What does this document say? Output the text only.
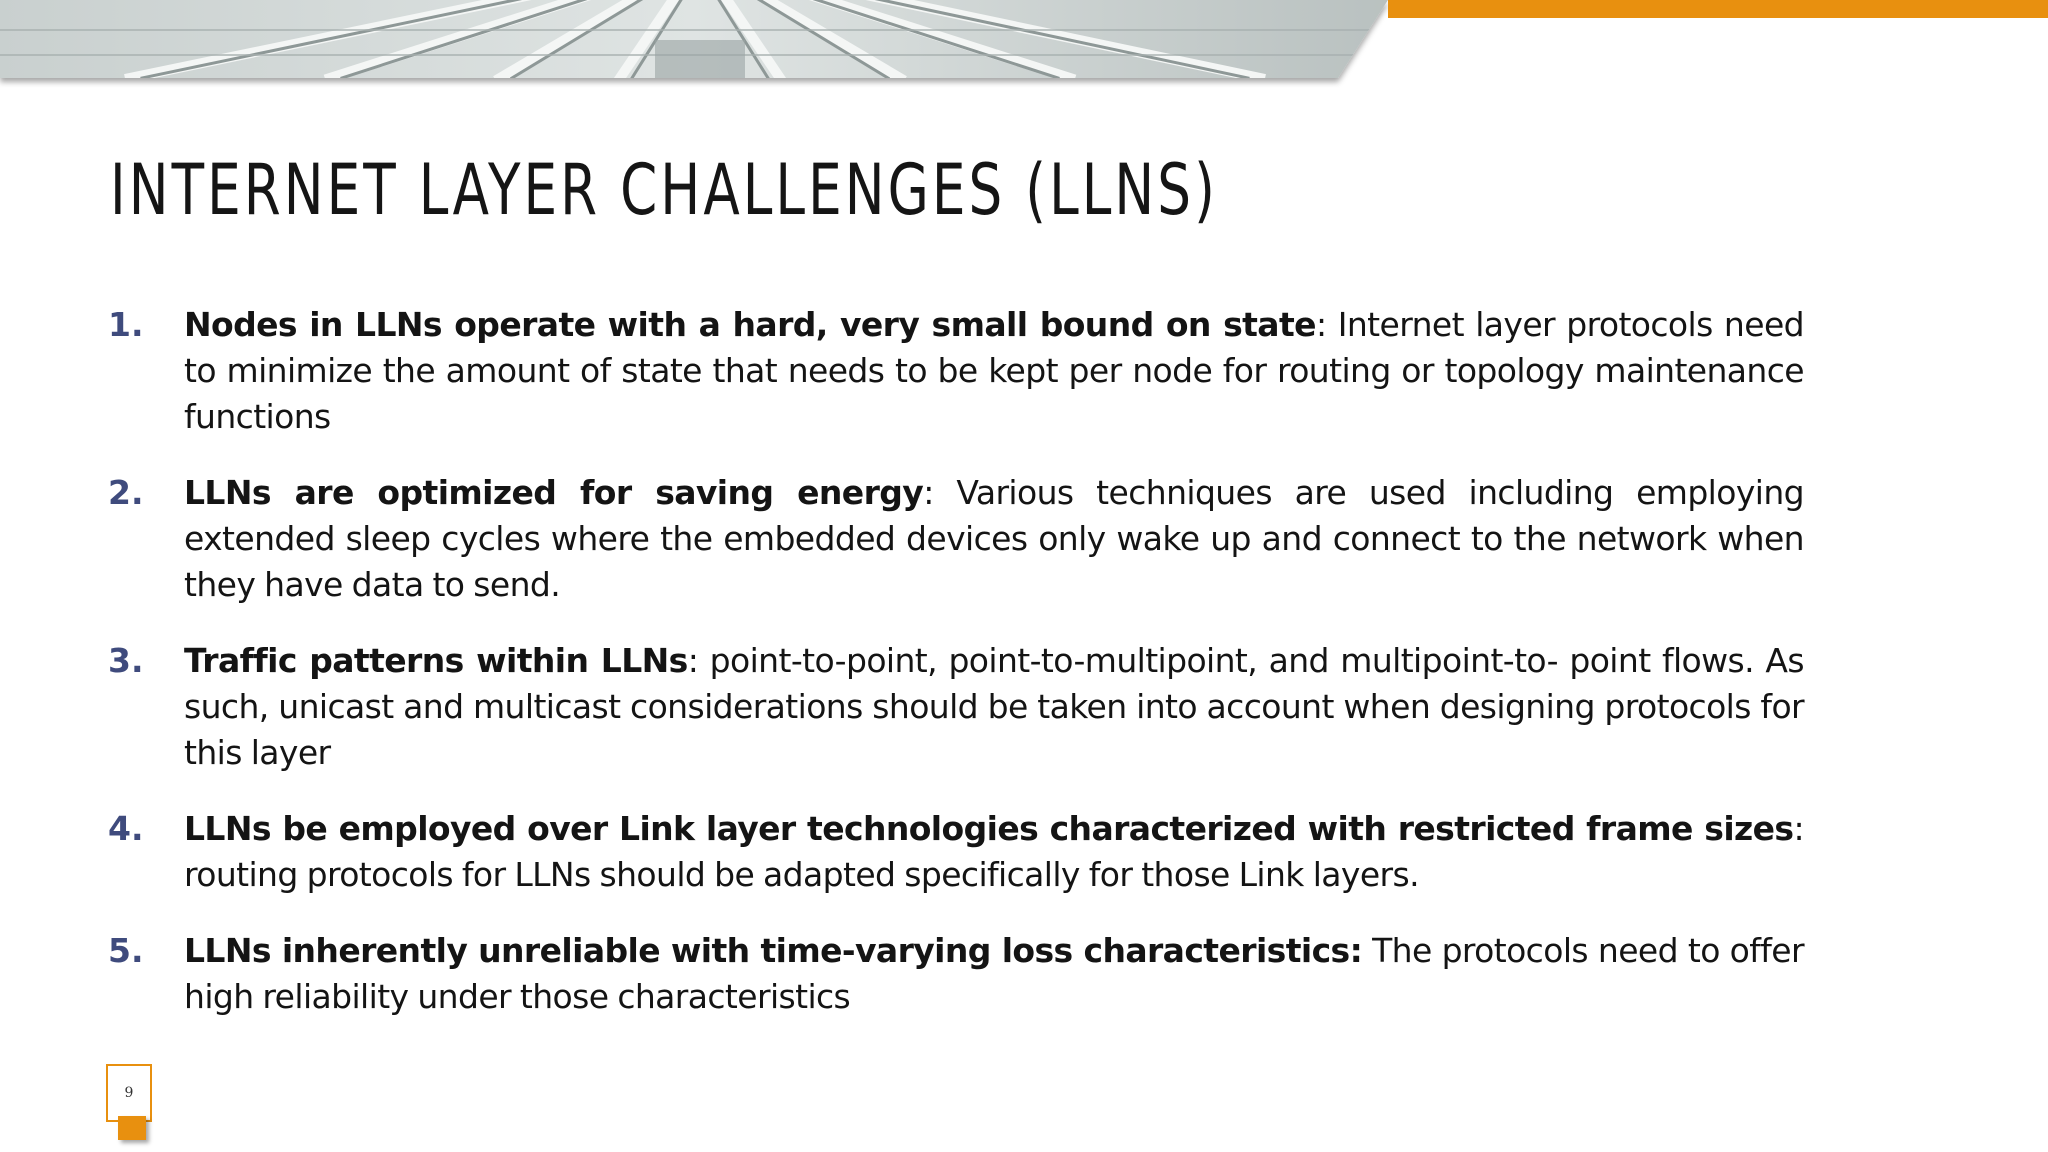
INTERNET LAYER CHALLENGES (LLNS)
1. Nodes in LLNs operate with a hard, very small bound on state: Internet layer protocols need to minimize the amount of state that needs to be kept per node for routing or topology maintenance functions
2. LLNs are optimized for saving energy: Various techniques are used including employing extended sleep cycles where the embedded devices only wake up and connect to the network when they have data to send.
3. Traffic patterns within LLNs: point-to-point, point-to-multipoint, and multipoint-to- point flows. As such, unicast and multicast considerations should be taken into account when designing protocols for this layer
4. LLNs be employed over Link layer technologies characterized with restricted frame sizes: routing protocols for LLNs should be adapted specifically for those Link layers.
5. LLNs inherently unreliable with time-varying loss characteristics: The protocols need to offer high reliability under those characteristics
9
